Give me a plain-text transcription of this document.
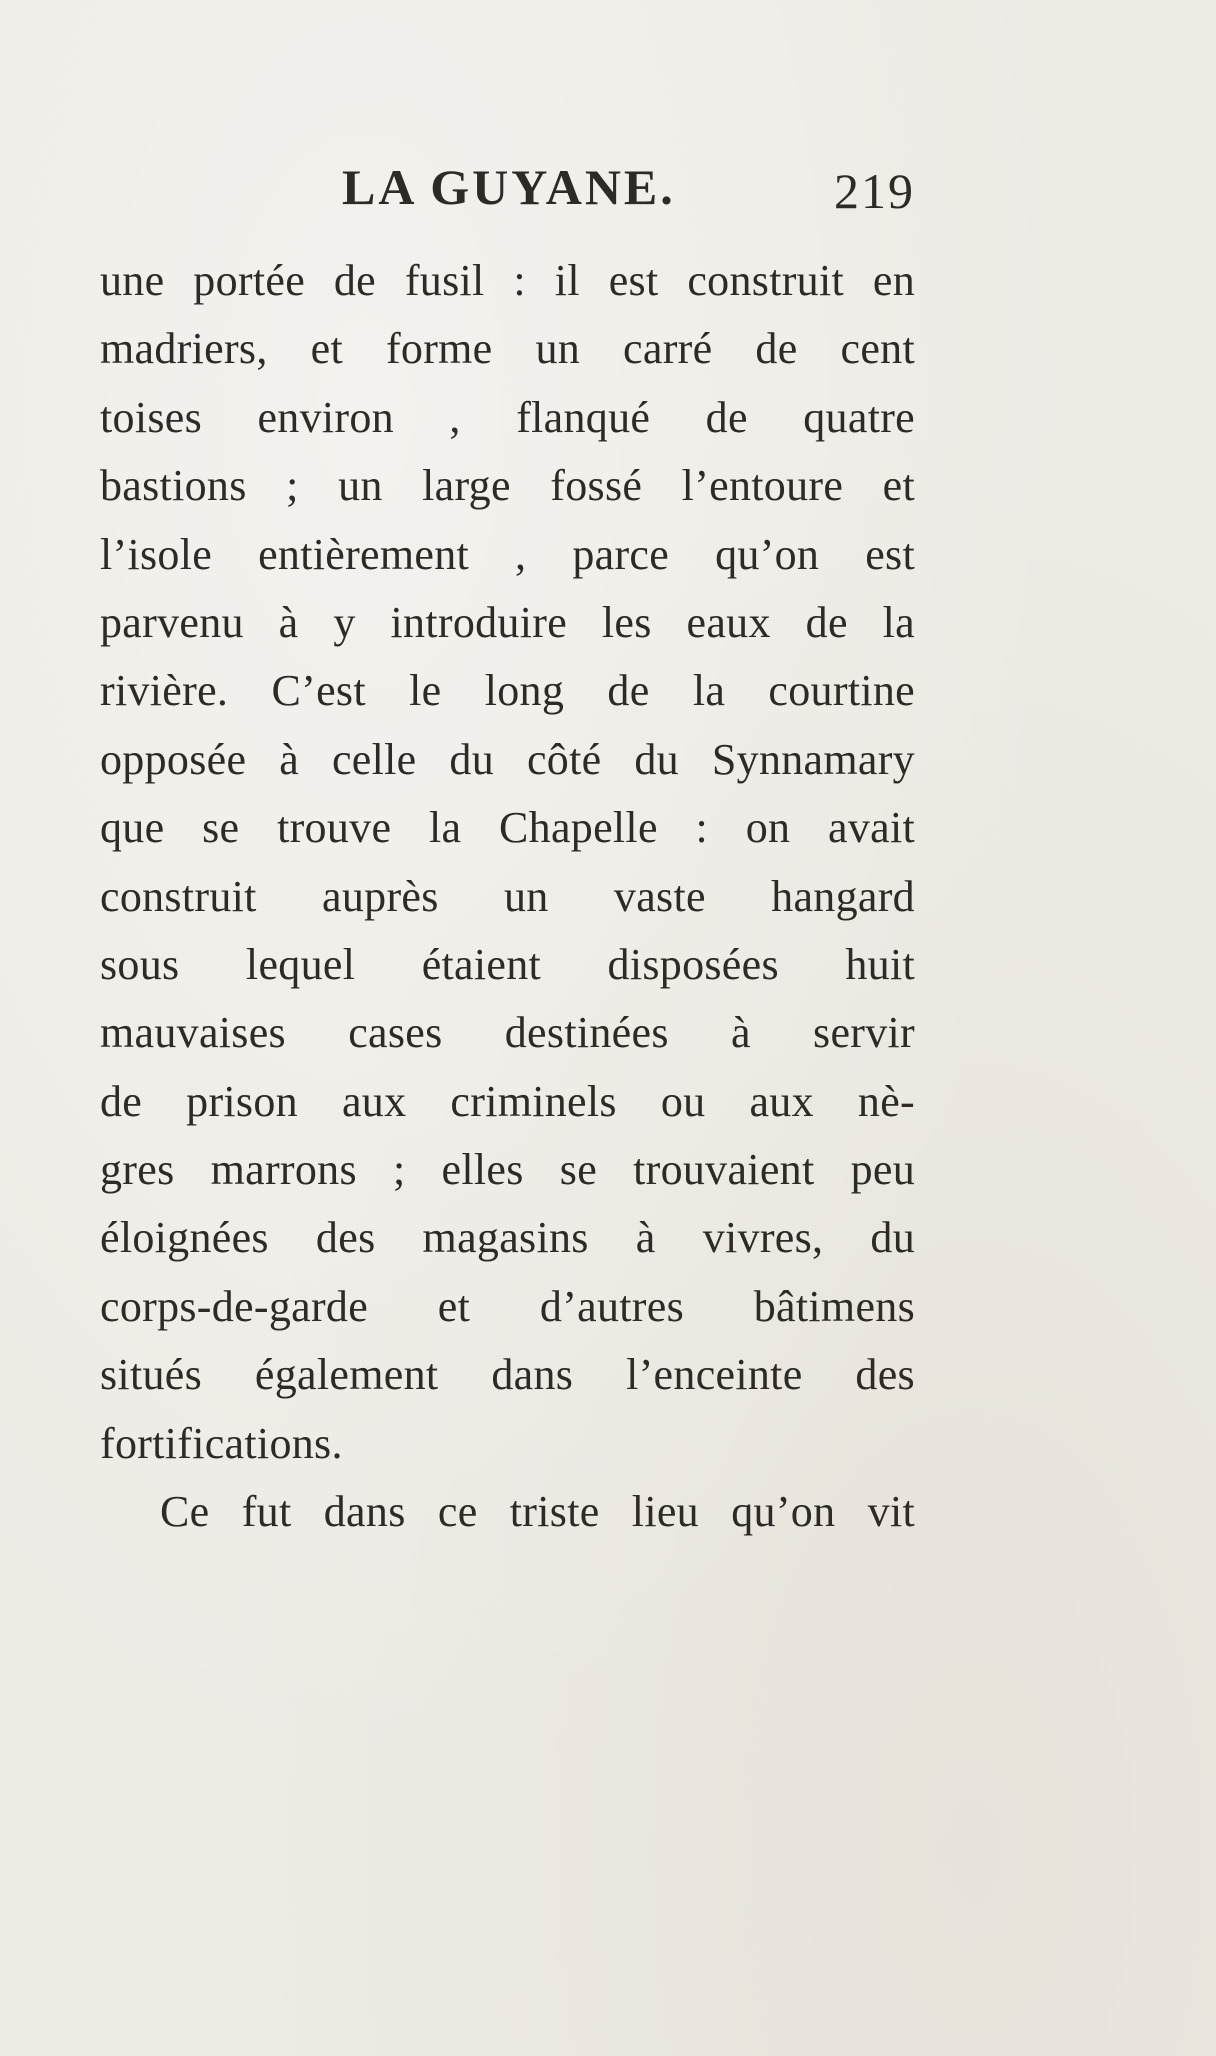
LA GUYANE.	219
une portée de fusil : il est construit en
madriers, et forme un carré de cent
toises environ , flanqué de quatre
bastions ; un large fossé l’entoure et
l’isole entièrement , parce qu’on est
parvenu à y introduire les eaux de la
rivière. C’est le long de la courtine
opposée à celle du côté du Synnamary
que se trouve la Chapelle : on avait
construit auprès un vaste hangard
sous lequel étaient disposées huit
mauvaises cases destinées à servir
de prison aux criminels ou aux nè-
gres marrons ; elles se trouvaient peu
éloignées des magasins à vivres, du
corps-de-garde et d’autres bâtimens
situés également dans l’enceinte des
fortifications.
Ce fut dans ce triste lieu qu’on vit
